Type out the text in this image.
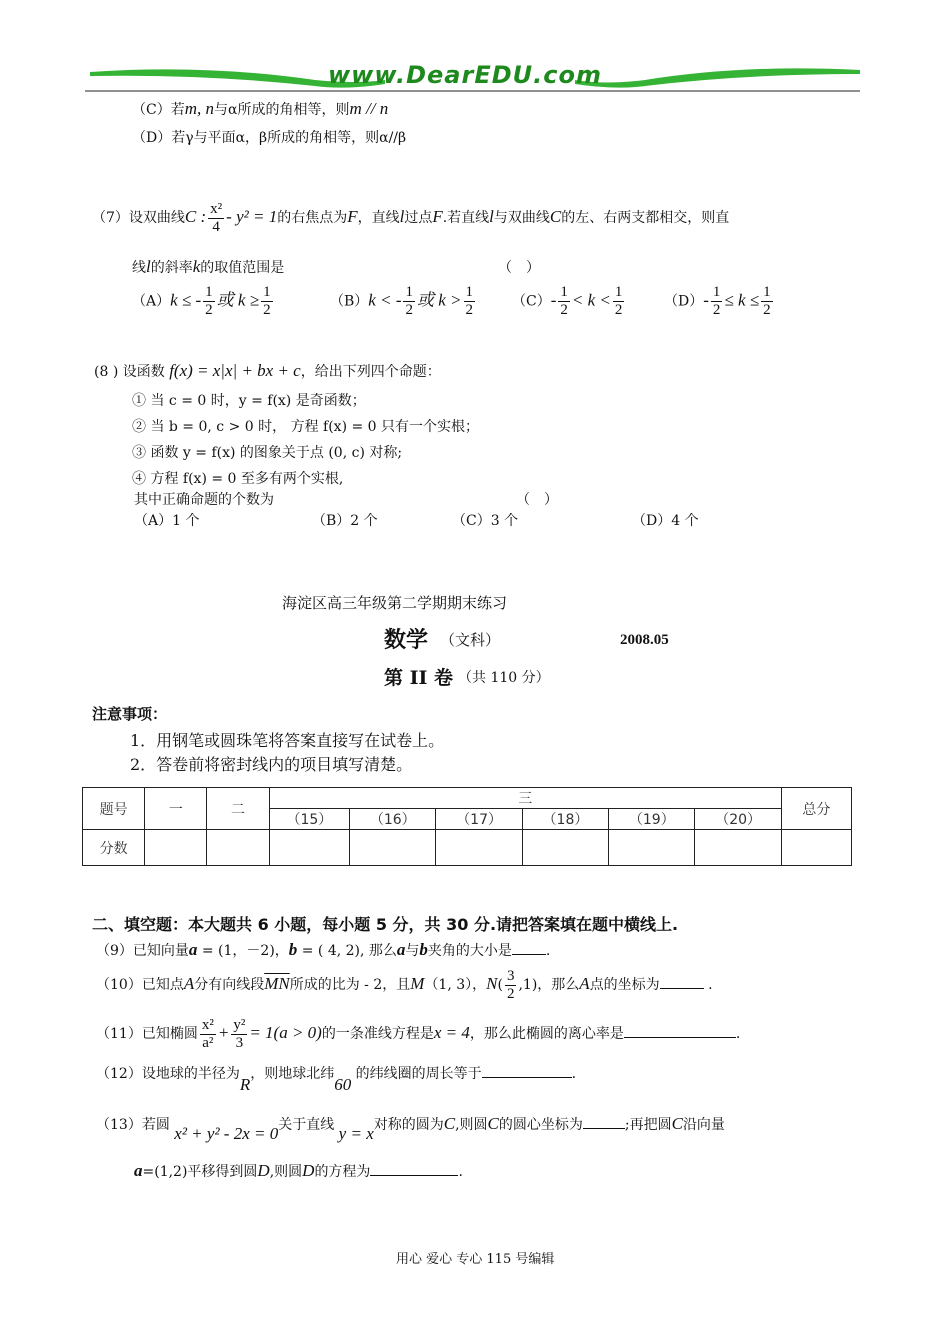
www.DearEDU.com
（C）若m, n与α所成的角相等，则m // n
（D）若γ与平面α，β所成的角相等，则α//β
（7）设双曲线C : $\frac{\text{x²}}{4} - y^2 = 1$的右焦点为F，直线l过点F.若直线l与双曲线C的左、右两支都相交，则直
线l的斜率k的取值范围是	（　）
（A）k ≤ - $\frac{1}{2}$ 或 $k \ge \frac{1}{2}$	（B）k < - $\frac{1}{2}$ 或 $k > \frac{1}{2}$	$(C)- \frac{1}{2} < k < \frac{1}{2}$	$(D)- \frac{1}{2} \le k \le \frac{1}{2}$
(8 ) 设函数 f(x) = x|x| + bx + c，给出下列四个命题：
① 当 c = 0 时，y = f(x) 是奇函数；
② 当 b = 0, c > 0 时， 方程 f(x) = 0 只有一个实根；
③ 函数 y = f(x) 的图象关于点 (0, c) 对称;
④ 方程 f(x) = 0 至多有两个实根,
其中正确命题的个数为	（　）
（A）1 个	（B）2 个	（C）3 个	（D）4 个
海淀区高三年级第二学期期末练习
数学 （文科）	2008.05
第 II 卷 （共 110 分）
注意事项：
1．用钢笔或圆珠笔将答案直接写在试卷上。
2．答卷前将密封线内的项目填写清楚。
题号	一	二	三						总分
			（15）	（16）	（17）	（18）	（19）	（20）	
分数									
二、填空题：本大题共 6 小题，每小题 5 分，共 30 分.请把答案填在题中横线上.
（9）已知向量a = (1，－2)，b = ( 4, 2), 那么a与b夹角的大小是 .
（10）已知点A分有向线段$\overline{MN}$所成的比为 - 2，且M（1, 3），$N( \frac{3}{2} ,1)$，那么A点的坐标为	.
（11）已知椭圆 $\frac{\text{x²}}{\text{a²}} + \frac{\text{y²}}{3} = 1(a > 0)$的一条准线方程是x = 4，那么此椭圆的离心率是	.
（12）设地球的半径为R，则地球北纬60 的纬线圈的周长等于	.
（13）若圆 x² + y² - 2x = 0关于直线 y = x对称的圆为C,则圆C的圆心坐标为	;再把圆C沿向量
a=(1,2)平移得到圆D,则圆D的方程为	.
用心 爱心 专心 115 号编辑
